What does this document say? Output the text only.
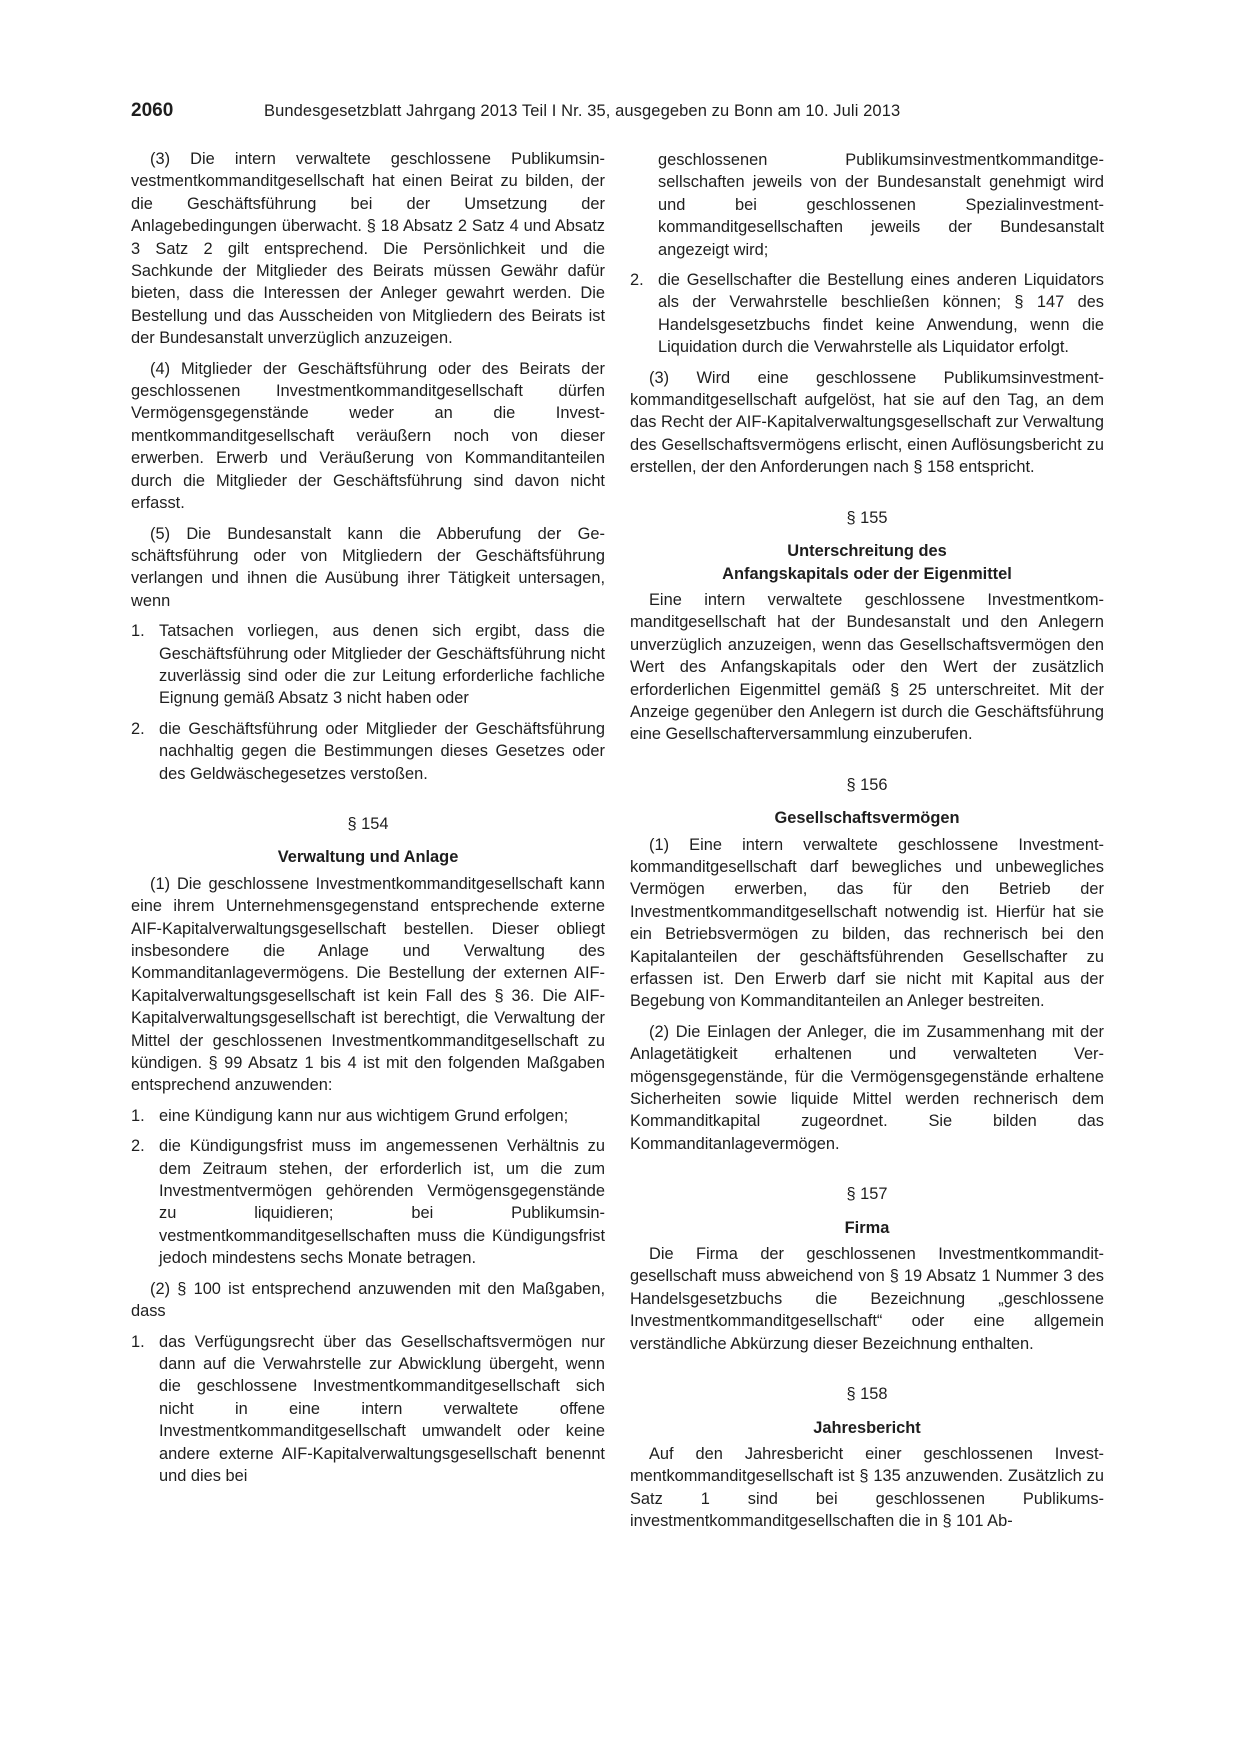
2060	Bundesgesetzblatt Jahrgang 2013 Teil I Nr. 35, ausgegeben zu Bonn am 10. Juli 2013

(3) Die intern verwaltete geschlossene Publikumsinvestmentkommanditgesellschaft hat einen Beirat zu bilden, der die Geschäftsführung bei der Umsetzung der Anlagebedingungen überwacht. § 18 Absatz 2 Satz 4 und Absatz 3 Satz 2 gilt entsprechend. Die Persönlichkeit und die Sachkunde der Mitglieder des Beirats müssen Gewähr dafür bieten, dass die Interessen der Anleger gewahrt werden. Die Bestellung und das Ausscheiden von Mitgliedern des Beirats ist der Bundesanstalt unverzüglich anzuzeigen.

(4) Mitglieder der Geschäftsführung oder des Beirats der geschlossenen Investmentkommanditgesellschaft dürfen Vermögensgegenstände weder an die Investmentkommanditgesellschaft veräußern noch von dieser erwerben. Erwerb und Veräußerung von Kommanditanteilen durch die Mitglieder der Geschäftsführung sind davon nicht erfasst.

(5) Die Bundesanstalt kann die Abberufung der Geschäftsführung oder von Mitgliedern der Geschäftsführung verlangen und ihnen die Ausübung ihrer Tätigkeit untersagen, wenn

1. Tatsachen vorliegen, aus denen sich ergibt, dass die Geschäftsführung oder Mitglieder der Geschäftsführung nicht zuverlässig sind oder die zur Leitung erforderliche fachliche Eignung gemäß Absatz 3 nicht haben oder
2. die Geschäftsführung oder Mitglieder der Geschäftsführung nachhaltig gegen die Bestimmungen dieses Gesetzes oder des Geldwäschegesetzes verstoßen.
§ 154
Verwaltung und Anlage

(1) Die geschlossene Investmentkommanditgesellschaft kann eine ihrem Unternehmensgegenstand entsprechende externe AIF-Kapitalverwaltungsgesellschaft bestellen. Dieser obliegt insbesondere die Anlage und Verwaltung des Kommanditanlagevermögens. Die Bestellung der externen AIF-Kapitalverwaltungsgesellschaft ist kein Fall des § 36. Die AIF-Kapitalverwaltungsgesellschaft ist berechtigt, die Verwaltung der Mittel der geschlossenen Investmentkommanditgesellschaft zu kündigen. § 99 Absatz 1 bis 4 ist mit den folgenden Maßgaben entsprechend anzuwenden:

1. eine Kündigung kann nur aus wichtigem Grund erfolgen;
2. die Kündigungsfrist muss im angemessenen Verhältnis zu dem Zeitraum stehen, der erforderlich ist, um die zum Investmentvermögen gehörenden Vermögensgegenstände zu liquidieren; bei Publikumsinvestmentkommanditgesellschaften muss die Kündigungsfrist jedoch mindestens sechs Monate betragen.

(2) § 100 ist entsprechend anzuwenden mit den Maßgaben, dass

1. das Verfügungsrecht über das Gesellschaftsvermögen nur dann auf die Verwahrstelle zur Abwicklung übergeht, wenn die geschlossene Investmentkommanditgesellschaft sich nicht in eine intern verwaltete offene Investmentkommanditgesellschaft umwandelt oder keine andere externe AIF-Kapitalverwaltungsgesellschaft benennt und dies bei
geschlossenen Publikumsinvestmentkommanditgesellschaften jeweils von der Bundesanstalt genehmigt wird und bei geschlossenen Spezialinvestmentkommanditgesellschaften jeweils der Bundesanstalt angezeigt wird;
2. die Gesellschafter die Bestellung eines anderen Liquidators als der Verwahrstelle beschließen können; § 147 des Handelsgesetzbuchs findet keine Anwendung, wenn die Liquidation durch die Verwahrstelle als Liquidator erfolgt.

(3) Wird eine geschlossene Publikumsinvestmentkommanditgesellschaft aufgelöst, hat sie auf den Tag, an dem das Recht der AIF-Kapitalverwaltungsgesellschaft zur Verwaltung des Gesellschaftsvermögens erlischt, einen Auflösungsbericht zu erstellen, der den Anforderungen nach § 158 entspricht.

§ 155
Unterschreitung des
Anfangskapitals oder der Eigenmittel

Eine intern verwaltete geschlossene Investmentkommanditgesellschaft hat der Bundesanstalt und den Anlegern unverzüglich anzuzeigen, wenn das Gesellschaftsvermögen den Wert des Anfangskapitals oder den Wert der zusätzlich erforderlichen Eigenmittel gemäß § 25 unterschreitet. Mit der Anzeige gegenüber den Anlegern ist durch die Geschäftsführung eine Gesellschafterversammlung einzuberufen.

§ 156
Gesellschaftsvermögen

(1) Eine intern verwaltete geschlossene Investmentkommanditgesellschaft darf bewegliches und unbewegliches Vermögen erwerben, das für den Betrieb der Investmentkommanditgesellschaft notwendig ist. Hierfür hat sie ein Betriebsvermögen zu bilden, das rechnerisch bei den Kapitalanteilen der geschäftsführenden Gesellschafter zu erfassen ist. Den Erwerb darf sie nicht mit Kapital aus der Begebung von Kommanditanteilen an Anleger bestreiten.

(2) Die Einlagen der Anleger, die im Zusammenhang mit der Anlagetätigkeit erhaltenen und verwalteten Vermögensgegenstände, für die Vermögensgegenstände erhaltene Sicherheiten sowie liquide Mittel werden rechnerisch dem Kommanditkapital zugeordnet. Sie bilden das Kommanditanlagevermögen.

§ 157
Firma

Die Firma der geschlossenen Investmentkommanditgesellschaft muss abweichend von § 19 Absatz 1 Nummer 3 des Handelsgesetzbuchs die Bezeichnung „geschlossene Investmentkommanditgesellschaft“ oder eine allgemein verständliche Abkürzung dieser Bezeichnung enthalten.

§ 158
Jahresbericht

Auf den Jahresbericht einer geschlossenen Investmentkommanditgesellschaft ist § 135 anzuwenden. Zusätzlich zu Satz 1 sind bei geschlossenen Publikumsinvestmentkommanditgesellschaften die in § 101 Ab-
